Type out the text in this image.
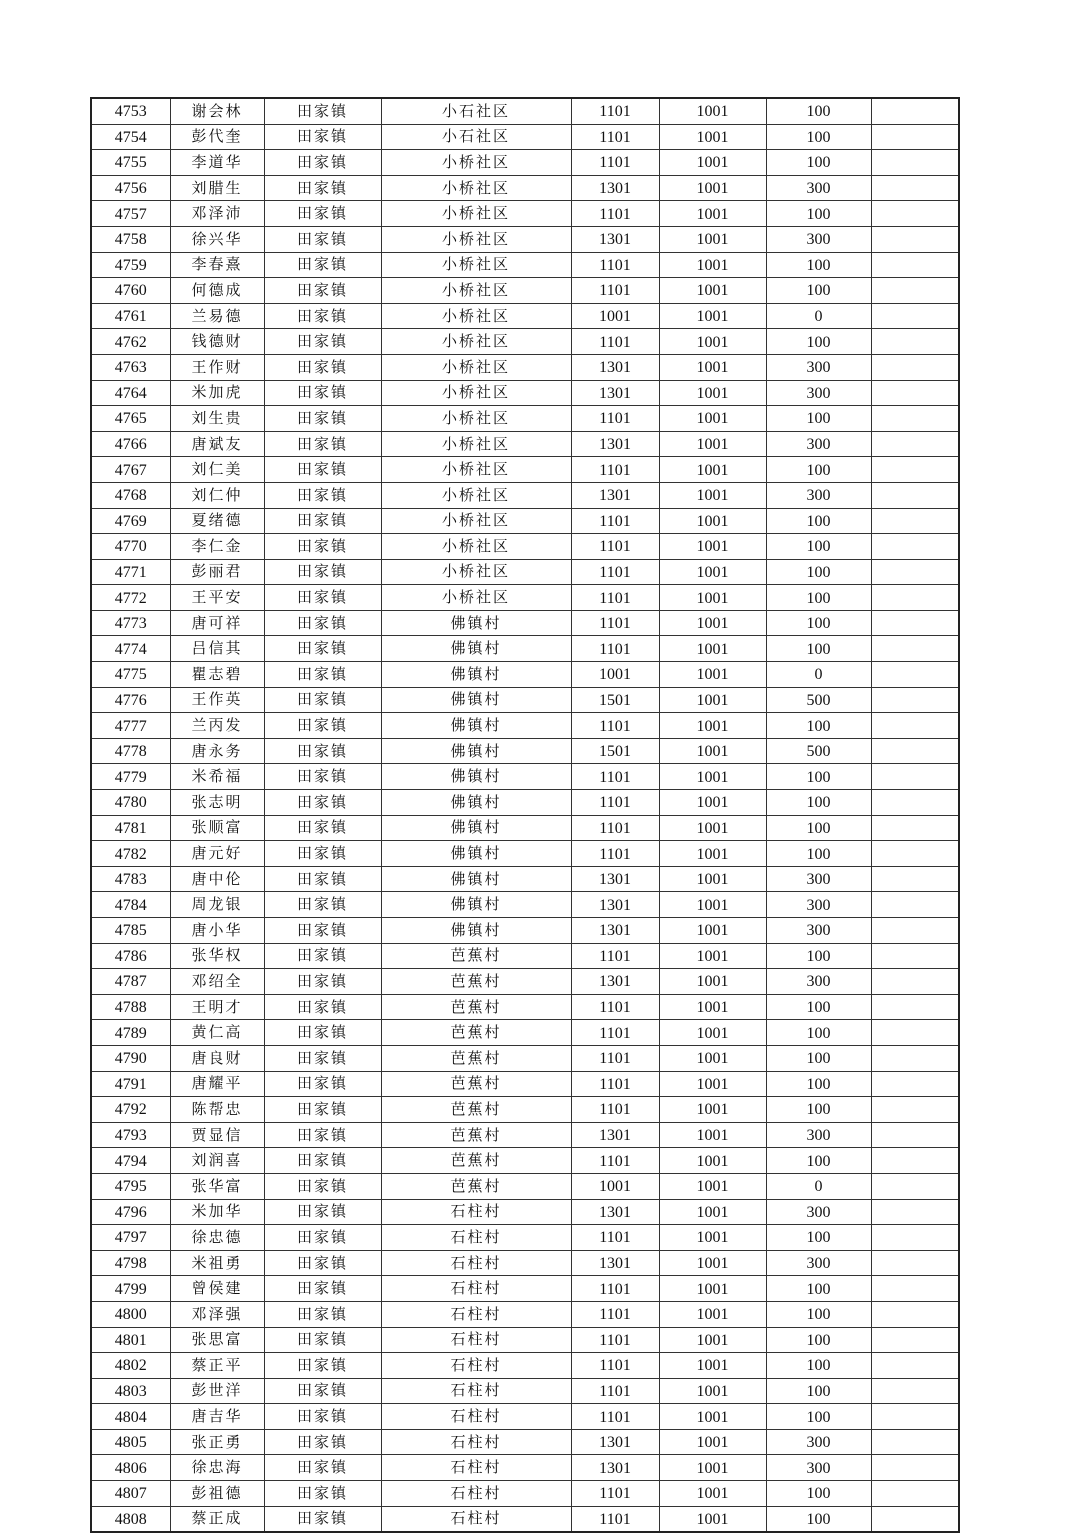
4753	谢会林	田家镇	小石社区	1101	1001	100	
4754	彭代奎	田家镇	小石社区	1101	1001	100	
4755	李道华	田家镇	小桥社区	1101	1001	100	
4756	刘腊生	田家镇	小桥社区	1301	1001	300	
4757	邓泽沛	田家镇	小桥社区	1101	1001	100	
4758	徐兴华	田家镇	小桥社区	1301	1001	300	
4759	李春熹	田家镇	小桥社区	1101	1001	100	
4760	何德成	田家镇	小桥社区	1101	1001	100	
4761	兰易德	田家镇	小桥社区	1001	1001	0	
4762	钱德财	田家镇	小桥社区	1101	1001	100	
4763	王作财	田家镇	小桥社区	1301	1001	300	
4764	米加虎	田家镇	小桥社区	1301	1001	300	
4765	刘生贵	田家镇	小桥社区	1101	1001	100	
4766	唐斌友	田家镇	小桥社区	1301	1001	300	
4767	刘仁美	田家镇	小桥社区	1101	1001	100	
4768	刘仁仲	田家镇	小桥社区	1301	1001	300	
4769	夏绪德	田家镇	小桥社区	1101	1001	100	
4770	李仁金	田家镇	小桥社区	1101	1001	100	
4771	彭丽君	田家镇	小桥社区	1101	1001	100	
4772	王平安	田家镇	小桥社区	1101	1001	100	
4773	唐可祥	田家镇	佛镇村	1101	1001	100	
4774	吕信其	田家镇	佛镇村	1101	1001	100	
4775	瞿志碧	田家镇	佛镇村	1001	1001	0	
4776	王作英	田家镇	佛镇村	1501	1001	500	
4777	兰丙发	田家镇	佛镇村	1101	1001	100	
4778	唐永务	田家镇	佛镇村	1501	1001	500	
4779	米希福	田家镇	佛镇村	1101	1001	100	
4780	张志明	田家镇	佛镇村	1101	1001	100	
4781	张顺富	田家镇	佛镇村	1101	1001	100	
4782	唐元好	田家镇	佛镇村	1101	1001	100	
4783	唐中伦	田家镇	佛镇村	1301	1001	300	
4784	周龙银	田家镇	佛镇村	1301	1001	300	
4785	唐小华	田家镇	佛镇村	1301	1001	300	
4786	张华权	田家镇	芭蕉村	1101	1001	100	
4787	邓绍全	田家镇	芭蕉村	1301	1001	300	
4788	王明才	田家镇	芭蕉村	1101	1001	100	
4789	黄仁高	田家镇	芭蕉村	1101	1001	100	
4790	唐良财	田家镇	芭蕉村	1101	1001	100	
4791	唐耀平	田家镇	芭蕉村	1101	1001	100	
4792	陈帮忠	田家镇	芭蕉村	1101	1001	100	
4793	贾显信	田家镇	芭蕉村	1301	1001	300	
4794	刘润喜	田家镇	芭蕉村	1101	1001	100	
4795	张华富	田家镇	芭蕉村	1001	1001	0	
4796	米加华	田家镇	石柱村	1301	1001	300	
4797	徐忠德	田家镇	石柱村	1101	1001	100	
4798	米祖勇	田家镇	石柱村	1301	1001	300	
4799	曾侯建	田家镇	石柱村	1101	1001	100	
4800	邓泽强	田家镇	石柱村	1101	1001	100	
4801	张思富	田家镇	石柱村	1101	1001	100	
4802	蔡正平	田家镇	石柱村	1101	1001	100	
4803	彭世洋	田家镇	石柱村	1101	1001	100	
4804	唐吉华	田家镇	石柱村	1101	1001	100	
4805	张正勇	田家镇	石柱村	1301	1001	300	
4806	徐忠海	田家镇	石柱村	1301	1001	300	
4807	彭祖德	田家镇	石柱村	1101	1001	100	
4808	蔡正成	田家镇	石柱村	1101	1001	100	
